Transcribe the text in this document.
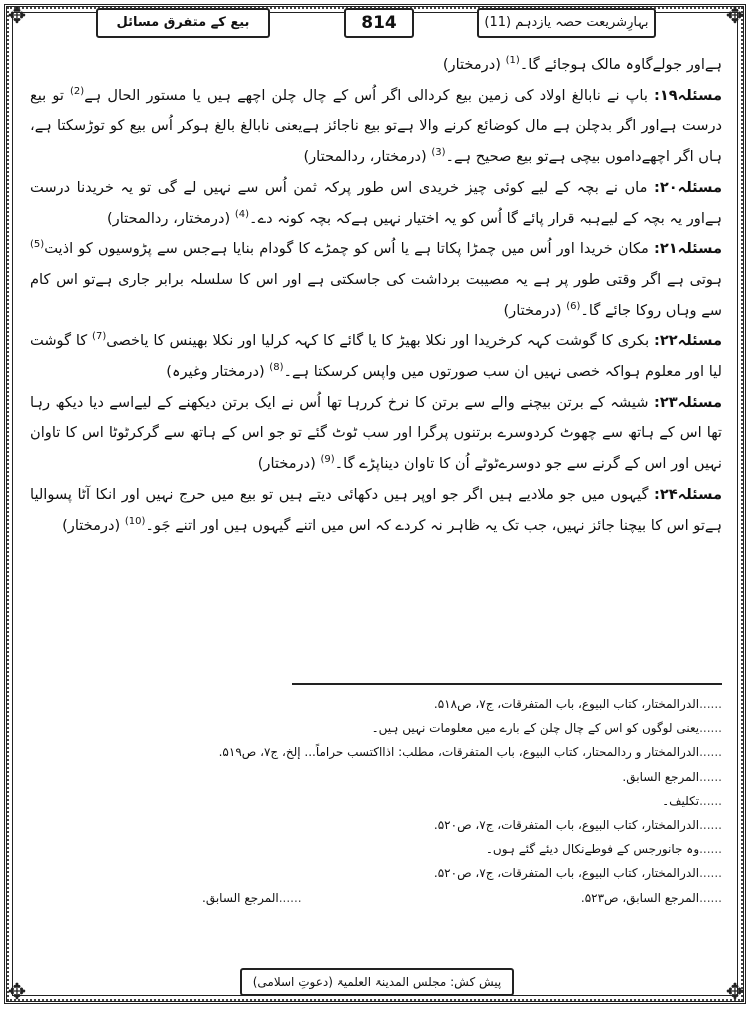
✥	✥
✥	✥
بیع کے متفرق مسائل	814	بہارِشریعت حصہ یازدہم (11)

ہےاور جولےگاوہ مالک ہوجائے گا۔$^{(1)}$ (درمختار)

مسئلہ۱۹: باپ نے نابالغ اولاد کی زمین بیع کردالی اگر اُس کے چال چلن اچھے ہیں یا مستور الحال ہے$^{(2)}$ تو بیع درست ہےاور اگر بدچلن ہے مال کوضائع کرنے والا ہےتو بیع ناجائز ہےیعنی نابالغ بالغ ہوکر اُس بیع کو توڑسکتا ہے، ہاں اگر اچھےداموں بیچی ہےتو بیع صحیح ہے۔$^{(3)}$ (درمختار، ردالمحتار)

مسئلہ۲۰: ماں نے بچہ کے لیے کوئی چیز خریدی اس طور پرکہ ثمن اُس سے نہیں لے گی تو یہ خریدنا درست ہےاور یہ بچہ کے لیےہبہ قرار پائے گا اُس کو یہ اختیار نہیں ہےکہ بچہ کونہ دے۔$^{(4)}$ (درمختار، ردالمحتار)

مسئلہ۲۱: مکان خریدا اور اُس میں چمڑا پکاتا ہے یا اُس کو چمڑے کا گودام بنایا ہےجس سے پڑوسیوں کو اذیت$^{(5)}$ ہوتی ہے اگر وقتی طور پر ہے یہ مصیبت برداشت کی جاسکتی ہے اور اس کا سلسلہ برابر جاری ہےتو اس کام سے وہاں روکا جائے گا۔$^{(6)}$ (درمختار)

مسئلہ۲۲: بکری کا گوشت کہہ کرخریدا اور نکلا بھیڑ کا یا گائے کا کہہ کرلیا اور نکلا بھینس کا یاخصی$^{(7)}$ کا گوشت لیا اور معلوم ہواکہ خصی نہیں ان سب صورتوں میں واپس کرسکتا ہے۔$^{(8)}$ (درمختار وغیرہ)

مسئلہ۲۳: شیشہ کے برتن بیچنے والے سے برتن کا نرخ کررہا تھا اُس نے ایک برتن دیکھنے کے لیےاسے دیا دیکھ رہا تھا اس کے ہاتھ سے چھوٹ کردوسرے برتنوں پرگرا اور سب ٹوٹ گئے تو جو اس کے ہاتھ سے گرکرٹوٹا اس کا تاوان نہیں اور اس کے گرنے سے جو دوسرےٹوٹے اُن کا تاوان دیناپڑے گا۔$^{(9)}$ (درمختار)

مسئلہ۲۴: گیہوں میں جو ملادیے ہیں اگر جو اوپر ہیں دکھائی دیتے ہیں تو بیع میں حرج نہیں اور انکا آٹا پسوالیا ہےتو اس کا بیچنا جائز نہیں، جب تک یہ ظاہر نہ کردے کہ اس میں اتنے گیہوں ہیں اور اتنے جَو۔$^{(10)}$ (درمختار)

......الدرالمختار، کتاب البیوع، باب المتفرقات، ج۷، ص۵۱۸.
......یعنی لوگوں کو اس کے چال چلن کے بارے میں معلومات نہیں ہیں۔
......الدرالمختار و ردالمحتار، کتاب البیوع، باب المتفرقات، مطلب: اذااکتسب حراماً... إلخ، ج۷، ص۵۱۹.
......المرجع السابق.
......تکلیف۔
......الدرالمختار، کتاب البیوع، باب المتفرقات، ج۷، ص۵۲۰.
......وہ جانورجس کے فوطےنکال دیئے گئے ہوں۔
......الدرالمختار، کتاب البیوع، باب المتفرقات، ج۷، ص۵۲۰.
......المرجع السابق، ص۵۲۳.
......المرجع السابق.
پیش کش: مجلس المدینۃ العلمیۃ (دعوتِ اسلامی)
